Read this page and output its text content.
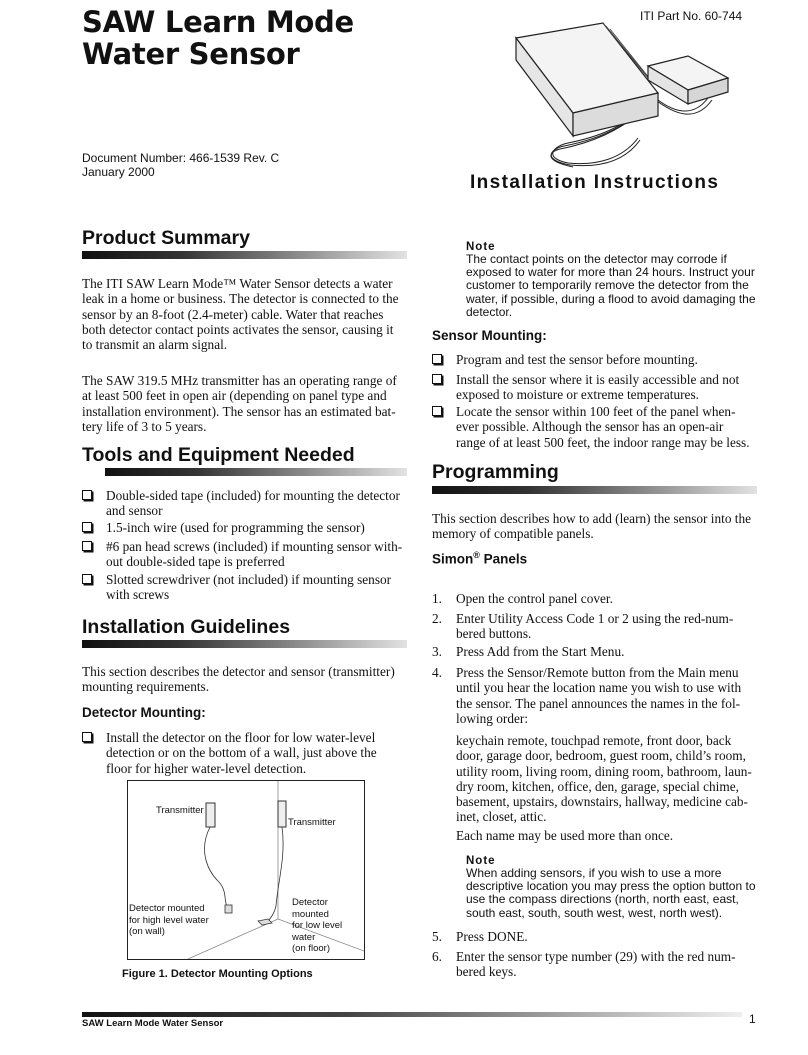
SAW Learn Mode
Water Sensor
ITI Part No. 60-744
Document Number: 466-1539 Rev. C
January 2000	Installation Instructions
Product Summary
The ITI SAW Learn Mode™ Water Sensor detects a water
leak in a home or business. The detector is connected to the
sensor by an 8-foot (2.4-meter) cable. Water that reaches
both detector contact points activates the sensor, causing it
to transmit an alarm signal.
The SAW 319.5 MHz transmitter has an operating range of
at least 500 feet in open air (depending on panel type and
installation environment). The sensor has an estimated bat-
tery life of 3 to 5 years.
Tools and Equipment Needed
Double-sided tape (included) for mounting the detector
and sensor
1.5-inch wire (used for programming the sensor)
#6 pan head screws (included) if mounting sensor with-
out double-sided tape is preferred
Slotted screwdriver (not included) if mounting sensor
with screws
Installation Guidelines
This section describes the detector and sensor (transmitter)
mounting requirements.
Detector Mounting:
Install the detector on the floor for low water-level
detection or on the bottom of a wall, just above the
floor for higher water-level detection.
Transmitter
Transmitter
Detector mounted
for high level water
(on wall)
Detector mounted
for low level water
(on floor)
Figure 1. Detector Mounting Options
Note
The contact points on the detector may corrode if
exposed to water for more than 24 hours. Instruct your
customer to temporarily remove the detector from the
water, if possible, during a flood to avoid damaging the
detector.
Sensor Mounting:
Program and test the sensor before mounting.
Install the sensor where it is easily accessible and not
exposed to moisture or extreme temperatures.
Locate the sensor within 100 feet of the panel when-
ever possible. Although the sensor has an open-air
range of at least 500 feet, the indoor range may be less.
Programming
This section describes how to add (learn) the sensor into the
memory of compatible panels.
Simon® Panels
1. Open the control panel cover.
2. Enter Utility Access Code 1 or 2 using the red-num-
bered buttons.
3. Press Add from the Start Menu.
4. Press the Sensor/Remote button from the Main menu
until you hear the location name you wish to use with
the sensor. The panel announces the names in the fol-
lowing order:
keychain remote, touchpad remote, front door, back
door, garage door, bedroom, guest room, child’s room,
utility room, living room, dining room, bathroom, laun-
dry room, kitchen, office, den, garage, special chime,
basement, upstairs, downstairs, hallway, medicine cab-
inet, closet, attic.
Each name may be used more than once.
Note
When adding sensors, if you wish to use a more
descriptive location you may press the option button to
use the compass directions (north, north east, east,
south east, south, south west, west, north west).
5. Press DONE.
6. Enter the sensor type number (29) with the red num-
bered keys.
SAW Learn Mode Water Sensor	1
